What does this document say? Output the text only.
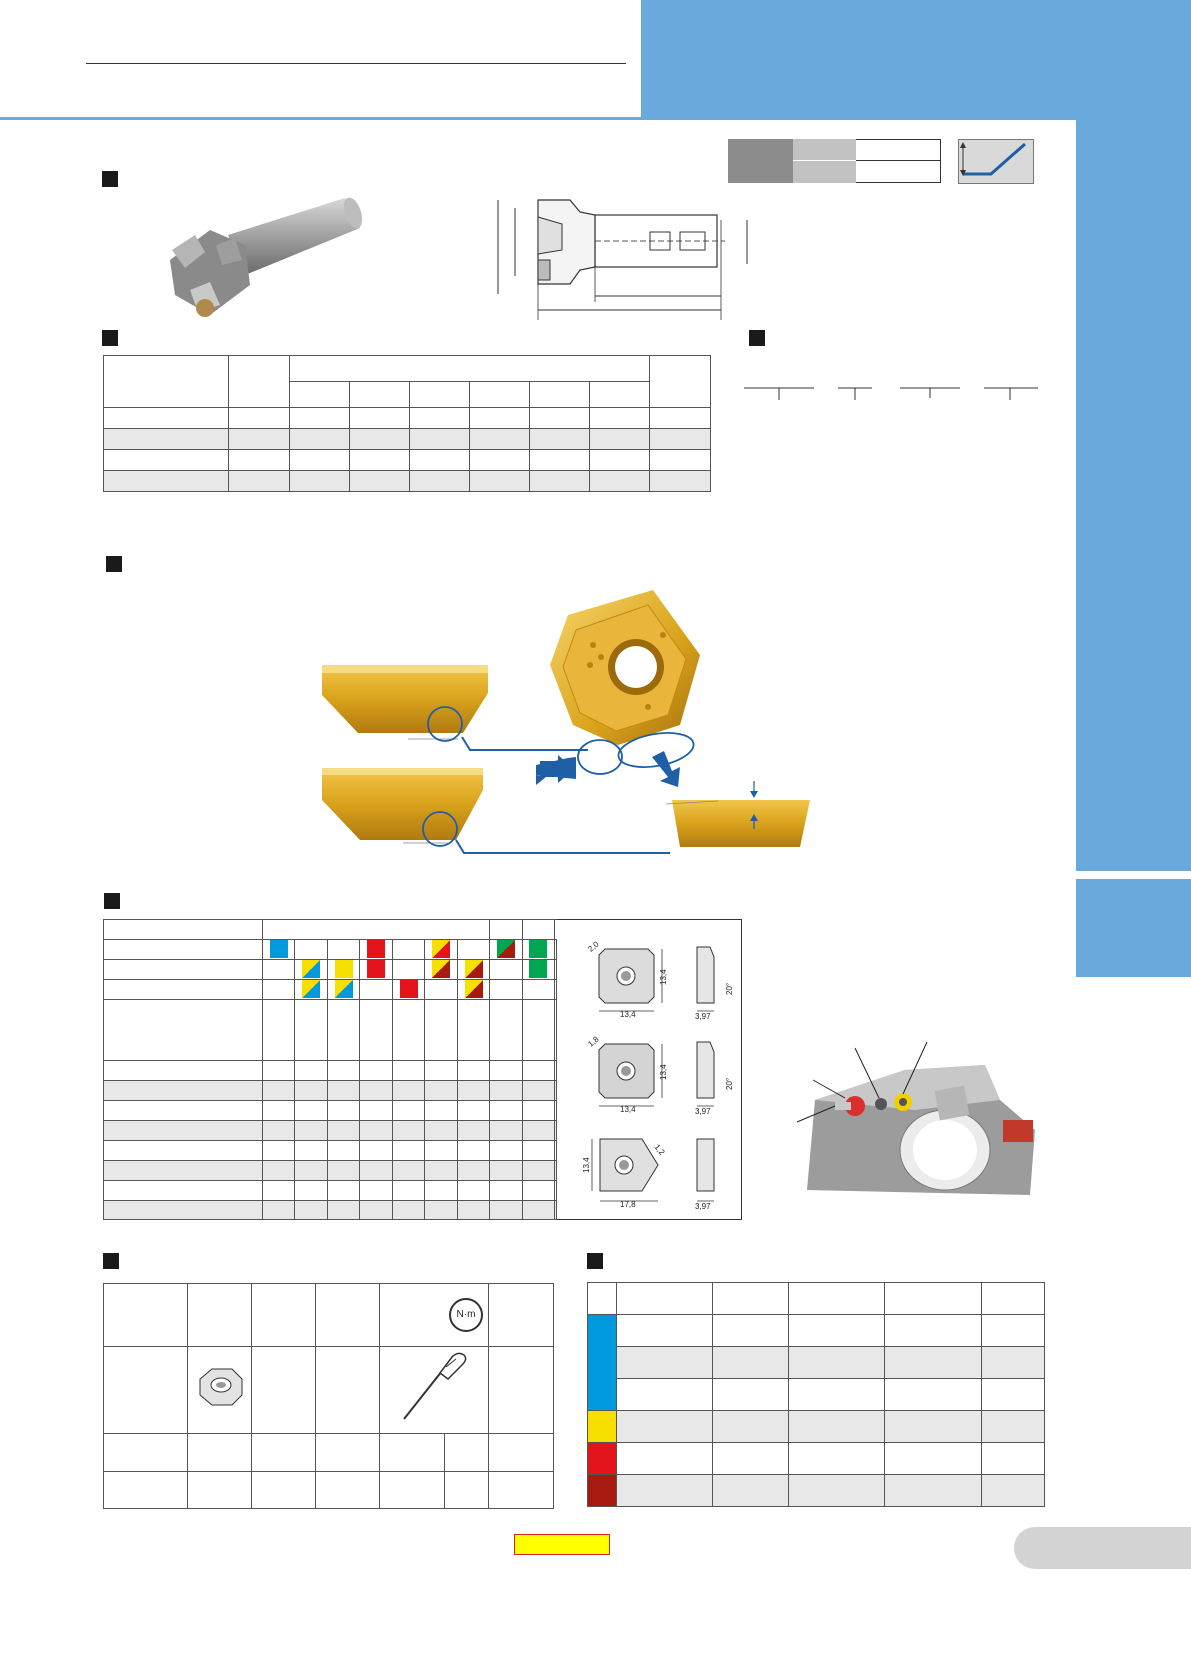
13,4
13,4
2,0
3,97
20°
13,4
13,4
1,8
3,97
20°
17,8
13,4
1,2
3,97
					N·m	
